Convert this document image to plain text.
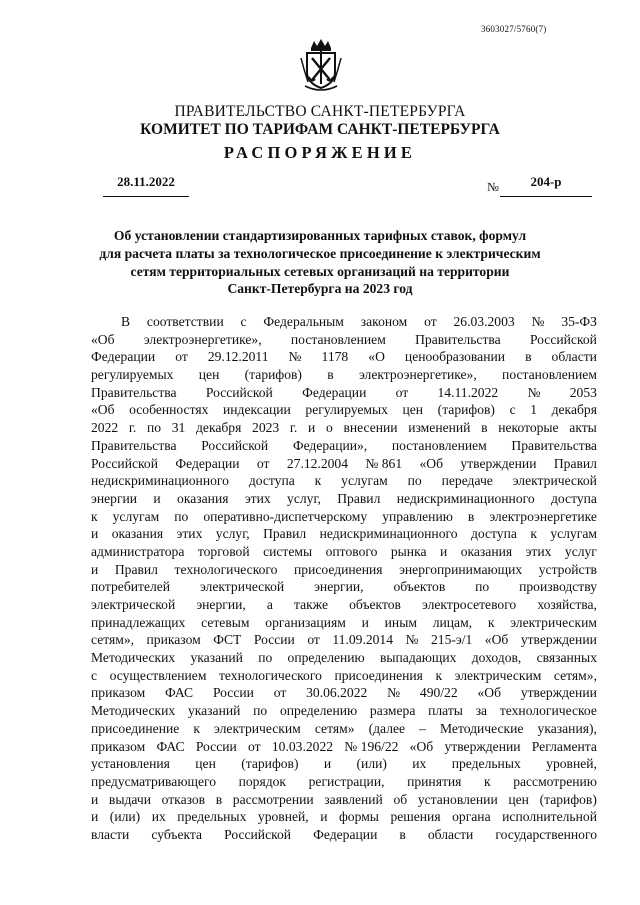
3603027/5760(7)
ПРАВИТЕЛЬСТВО САНКТ-ПЕТЕРБУРГА
КОМИТЕТ ПО ТАРИФАМ САНКТ-ПЕТЕРБУРГА
РАСПОРЯЖЕНИЕ
28.11.2022	№	204-р
Об установлении стандартизированных тарифных ставок, формул
для расчета платы за технологическое присоединение к электрическим
сетям территориальных сетевых организаций на территории
Санкт-Петербурга на 2023 год
В соответствии с Федеральным законом от 26.03.2003 № 35-ФЗ
«Об электроэнергетике», постановлением Правительства Российской
Федерации от 29.12.2011 № 1178 «О ценообразовании в области
регулируемых цен (тарифов) в электроэнергетике», постановлением
Правительства Российской Федерации от 14.11.2022 № 2053
«Об особенностях индексации регулируемых цен (тарифов) с 1 декабря
2022 г. по 31 декабря 2023 г. и о внесении изменений в некоторые акты
Правительства Российской Федерации», постановлением Правительства
Российской Федерации от 27.12.2004 № 861 «Об утверждении Правил
недискриминационного доступа к услугам по передаче электрической
энергии и оказания этих услуг, Правил недискриминационного доступа
к услугам по оперативно-диспетчерскому управлению в электроэнергетике
и оказания этих услуг, Правил недискриминационного доступа к услугам
администратора торговой системы оптового рынка и оказания этих услуг
и Правил технологического присоединения энергопринимающих устройств
потребителей электрической энергии, объектов по производству
электрической энергии, а также объектов электросетевого хозяйства,
принадлежащих сетевым организациям и иным лицам, к электрическим
сетям», приказом ФСТ России от 11.09.2014 № 215-э/1 «Об утверждении
Методических указаний по определению выпадающих доходов, связанных
с осуществлением технологического присоединения к электрическим сетям»,
приказом ФАС России от 30.06.2022 № 490/22 «Об утверждении
Методических указаний по определению размера платы за технологическое
присоединение к электрическим сетям» (далее – Методические указания),
приказом ФАС России от 10.03.2022 № 196/22 «Об утверждении Регламента
установления цен (тарифов) и (или) их предельных уровней,
предусматривающего порядок регистрации, принятия к рассмотрению
и выдачи отказов в рассмотрении заявлений об установлении цен (тарифов)
и (или) их предельных уровней, и формы решения органа исполнительной
власти субъекта Российской Федерации в области государственного
